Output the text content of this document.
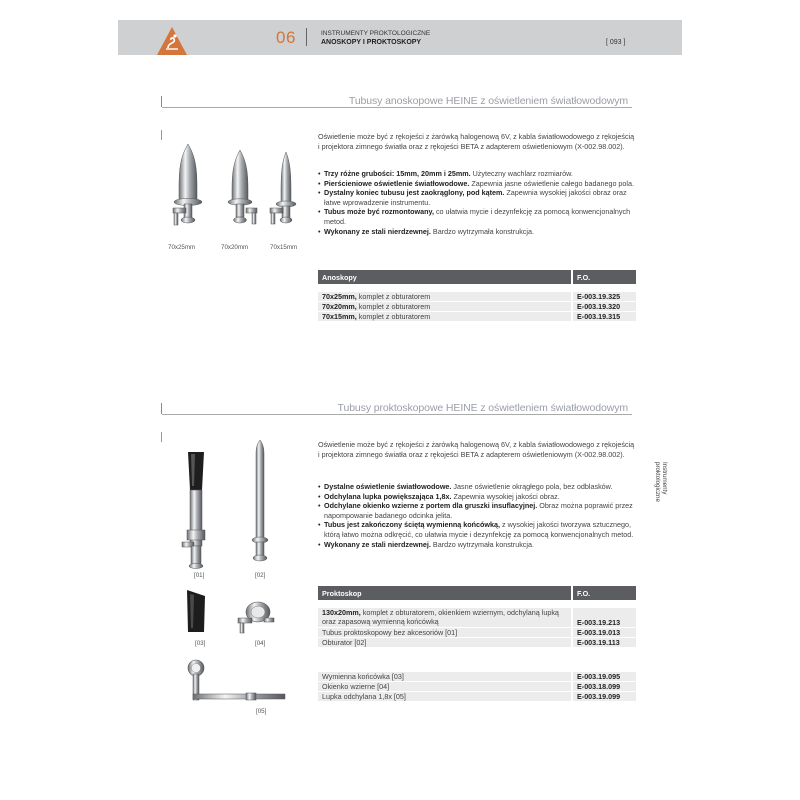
06	INSTRUMENTY PROKTOLOGICZNE
ANOSKOPY I PROKTOSKOPY	[ 093 ]
Tubusy anoskopowe HEINE z oświetleniem światłowodowym
70x25mm	70x20mm	70x15mm
Oświetlenie może być z rękojeści z żarówką halogenową 6V, z kabla światłowodowego z rękojeścią i projektora zimnego światła oraz z rękojeści BETA z adapterem oświetleniowym (X-002.98.002).
• Trzy różne grubości: 15mm, 20mm i 25mm. Użyteczny wachlarz rozmiarów.
• Pierścieniowe oświetlenie światłowodowe. Zapewnia jasne oświetlenie całego badanego pola.
• Dystalny koniec tubusu jest zaokrąglony, pod kątem. Zapewnia wysokiej jakości obraz oraz łatwe wprowadzenie instrumentu.
• Tubus może być rozmontowany, co ułatwia mycie i dezynfekcję za pomocą konwencjonalnych metod.
• Wykonany ze stali nierdzewnej. Bardzo wytrzymała konstrukcja.
Anoskopy	F.O.

70x25mm, komplet z obturatorem	E-003.19.325
70x20mm, komplet z obturatorem	E-003.19.320
70x15mm, komplet z obturatorem	E-003.19.315
Tubusy proktoskopowe HEINE z oświetleniem światłowodowym
[01]	[02]
[03]	[04]
[05]
Oświetlenie może być z rękojeści z żarówką halogenową 6V, z kabla światłowodowego z rękojeścią i projektora zimnego światła oraz z rękojeści BETA z adapterem oświetleniowym (X-002.98.002).
• Dystalne oświetlenie światłowodowe. Jasne oświetlenie okrągłego pola, bez odblasków.
• Odchylana lupka powiększająca 1,8x. Zapewnia wysokiej jakości obraz.
• Odchylane okienko wzierne z portem dla gruszki insuflacyjnej. Obraz można poprawić przez napompowanie badanego odcinka jelita.
• Tubus jest zakończony ściętą wymienną końcówką, z wysokiej jakości tworzywa sztucznego, którą łatwo można odkręcić, co ułatwia mycie i dezynfekcję za pomocą konwencjonalnych metod.
• Wykonany ze stali nierdzewnej. Bardzo wytrzymała konstrukcja.
Proktoskop	F.O.

130x20mm, komplet z obturatorem, okienkiem wziernym, odchylaną lupką oraz zapasową wymienną końcówką	E-003.19.213
Tubus proktoskopowy bez akcesoriów [01]	E-003.19.013
Obturator [02]	E-003.19.113
Wymienna końcówka [03]	E-003.19.095
Okienko wzierne [04]	E-003.18.099
Lupka odchylana 1,8x [05]	E-003.19.099
Instrumenty
proktologiczne
